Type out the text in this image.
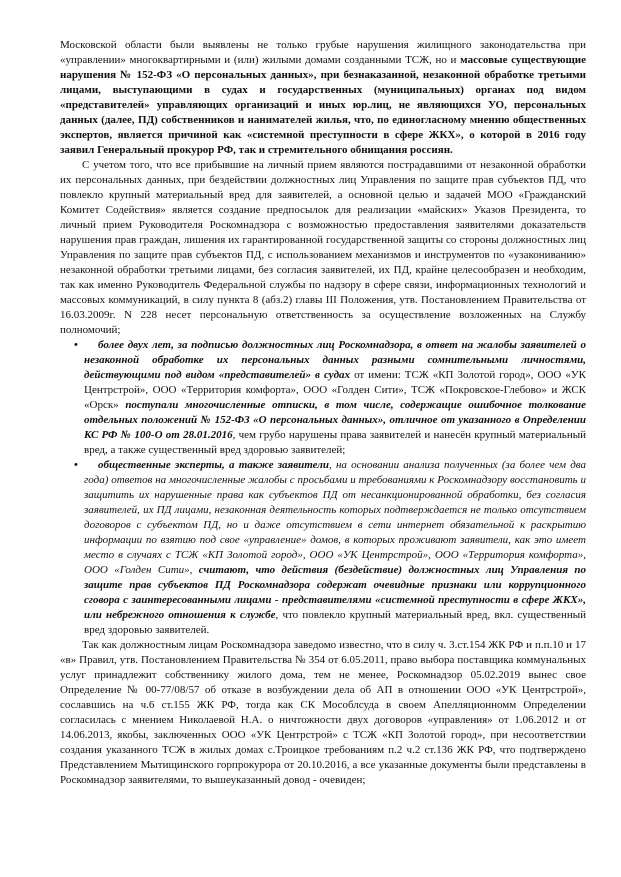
Московской области были выявлены не только грубые нарушения жилищного законодательства при «управлении» многоквартирными и (или) жилыми домами созданными ТСЖ, но и массовые существующие нарушения № 152-ФЗ «О персональных данных», при безнаказанной, незаконной обработке третьими лицами, выступающими в судах и государственных (муниципальных) органах под видом «представителей» управляющих организаций и иных юр.лиц, не являющихся УО, персональных данных (далее, ПД) собственников и нанимателей жилья, что, по единогласному мнению общественных экспертов, является причиной как «системной преступности в сфере ЖКХ», о которой в 2016 году заявил Генеральный прокурор РФ, так и стремительного обнищания россиян.

С учетом того, что все прибывшие на личный прием являются пострадавшими от незаконной обработки их персональных данных, при бездействии должностных лиц Управления по защите прав субъектов ПД, что повлекло крупный материальный вред для заявителей, а основной целью и задачей МОО «Гражданский Комитет Содействия» является создание предпосылок для реализации «майских» Указов Президента, то личный прием Руководителя Роскомнадзора с возможностью предоставления заявителями доказательств нарушения прав граждан, лишения их гарантированной государственной защиты со стороны должностных лиц Управления по защите прав субъектов ПД, с использованием механизмов и инструментов по «узакониванию» незаконной обработки третьими лицами, без согласия заявителей, их ПД, крайне целесообразен и необходим, так как именно Руководитель Федеральной службы по надзору в сфере связи, информационных технологий и массовых коммуникаций, в силу пункта 8 (абз.2) главы III Положения, утв. Постановлением Правительства от 16.03.2009г. N 228 несет персональную ответственность за осуществление возложенных на Службу полномочий;

• более двух лет, за подписью должностных лиц Роскомнадзора, в ответ на жалобы заявителей о незаконной обработке их персональных данных разными сомнительными личностями, действующими под видом «представителей» в судах от имени: ТСЖ «КП Золотой город», ООО «УК Центрстрой», ООО «Территория комфорта», ООО «Голден Сити», ТСЖ «Покровское-Глебово» и ЖСК «Орск» поступали многочисленные отписки, в том числе, содержащие ошибочное толкование отдельных положений № 152-ФЗ «О персональных данных», отличное от указанного в Определении КС РФ № 100-О от 28.01.2016, чем грубо нарушены права заявителей и нанесён крупный материальный вред, а также существенный вред здоровью заявителей;

• общественные эксперты, а также заявители, на основании анализа полученных (за более чем два года) ответов на многочисленные жалобы с просьбами и требованиями к Роскомнадзору восстановить и защитить их нарушенные права как субъектов ПД от несанкционированной обработки, без согласия заявителей, их ПД лицами, незаконная деятельность которых подтверждается не только отсутствием договоров с субъектом ПД, но и даже отсутствием в сети интернет обязательной к раскрытию информации по взятию под свое «управление» домов, в которых проживают заявители, как это имеет место в случаях с ТСЖ «КП Золотой город», ООО «УК Центрстрой», ООО «Территория комфорта», ООО «Голден Сити», считают, что действия (бездействие) должностных лиц Управления по защите прав субъектов ПД Роскомнадзора содержат очевидные признаки или коррупционного сговора с заинтересованными лицами - представителями «системной преступности в сфере ЖКХ», или небрежного отношения к службе, что повлекло крупный материальный вред, вкл. существенный вред здоровью заявителей.

Так как должностным лицам Роскомнадзора заведомо известно, что в силу ч. 3.ст.154 ЖК РФ и п.п.10 и 17 «в» Правил, утв. Постановлением Правительства № 354 от 6.05.2011, право выбора поставщика коммунальных услуг принадлежит собственнику жилого дома, тем не менее, Роскомнадзор 05.02.2019 вынес свое Определение № 00-77/08/57 об отказе в возбуждении дела об АП в отношении ООО «УК Центрстрой», сославшись на ч.6 ст.155 ЖК РФ, тогда как СК Мособлсуда в своем Апелляционномм Определении согласилась с мнением Николаевой Н.А. о ничтожности двух договоров «управления» от 1.06.2012 и от 14.06.2013, якобы, заключенных ООО «УК Центрстрой» с ТСЖ «КП Золотой город», при несоответствии создания указанного ТСЖ в жилых домах с.Троицкое требованиям п.2 ч.2 ст.136 ЖК РФ, что подтверждено Представлением Мытищинского горпрокурора от 20.10.2016, а все указанные документы были представлены в Роскомнадзор заявителями, то вышеуказанный довод - очевиден;
